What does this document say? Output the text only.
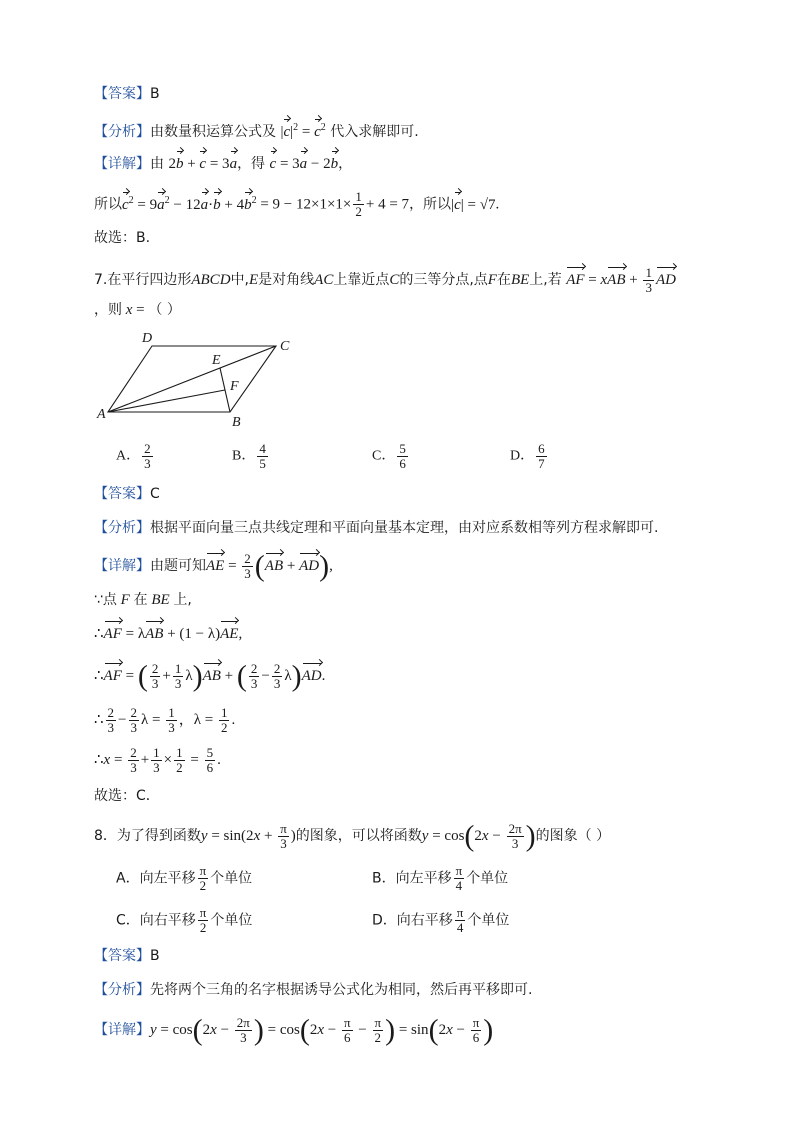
【答案】B
【分析】由数量积运算公式及 $|c|^2 = c^2$ 代入求解即可.
【详解】由 2b + c = 3a，得 c = 3a − 2b，
所以$c^2 = 9a^2 - 12a\cdot b + 4b^2 = 9 - 12\times 1\times 1\times \frac{1}{2} + 4 = 7$，所以|c| = √7.
故选：B.
7.在平行四边形ABCD中,E是对角线AC上靠近点C的三等分点,点F在BE上,若 AF = xAB + $\frac{1}{3}$ AD
，则 x = （ ）
A
B
C
D
E
F
A． $\frac{2}{3}$	B． $\frac{4}{5}$	C． $\frac{5}{6}$	D． $\frac{6}{7}$
【答案】C
【分析】根据平面向量三点共线定理和平面向量基本定理，由对应系数相等列方程求解即可.
【详解】由题可知AE = $\frac{2}{3} (AB + AD)$,
∵点 F 在 BE 上,
∴AF = λAB + (1 − λ)AE,
∴AF = ( $\frac{2}{3} + \frac{1}{3} \lambda)AB$ + ( $\frac{2}{3} - \frac{2}{3} \lambda)AD$.
∴ $\frac{2}{3} - \frac{2}{3}$ $\lambda = \frac{1}{3}$ ，$\lambda = \frac{1}{2}$ .
∴x = $\frac{2}{3} + \frac{1}{3} \times \frac{1}{2} = \frac{5}{6}$ .
故选：C．
8．为了得到函数$y = \sin(2x + \frac{\pi}{3}$ )的图象，可以将函数$y = \cos(2x - \frac{2\pi}{3}$ )的图象（ ）
A．向左平移 $\frac{\pi}{2}$ 个单位	B．向左平移 $\frac{\pi}{4}$ 个单位
C．向右平移 $\frac{\pi}{2}$ 个单位	D．向右平移 $\frac{\pi}{4}$ 个单位
【答案】B
【分析】先将两个三角的名字根据诱导公式化为相同，然后再平移即可.
【详解】$y = \cos(2x - \frac{2\pi}{3}$ ) = $\cos(2x - \frac{\pi}{6} - \frac{\pi}{2}$ ) = $\sin(2x - \frac{\pi}{6}$ )
